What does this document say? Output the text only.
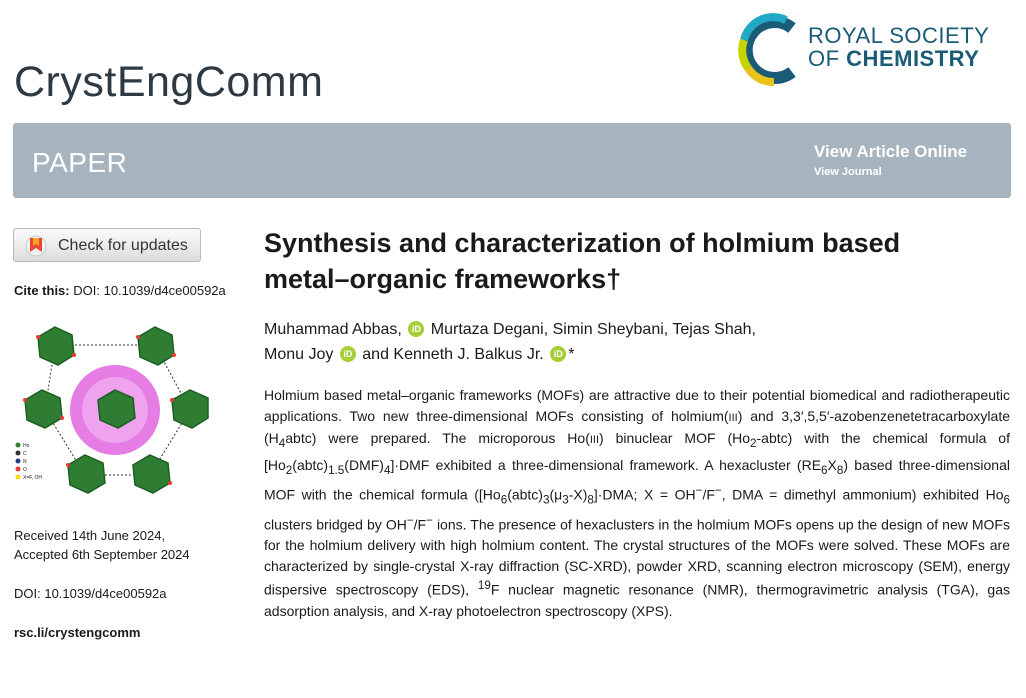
CrystEngComm
ROYAL SOCIETY
OF CHEMISTRY
PAPER	View Article Online
View Journal
Check for updates
Cite this: DOI: 10.1039/d4ce00592a
Ho
C
N
O
X=F, OH
Received 14th June 2024,
Accepted 6th September 2024
DOI: 10.1039/d4ce00592a
rsc.li/crystengcomm
Synthesis and characterization of holmium based
metal–organic frameworks†
Muhammad Abbas, iD Murtaza Degani, Simin Sheybani, Tejas Shah,
Monu Joy iD and Kenneth J. Balkus Jr. iD *

Holmium based metal–organic frameworks (MOFs) are attractive due to their potential biomedical and radiotherapeutic applications. Two new three-dimensional MOFs consisting of holmium(III) and 3,3′,5,5′-azobenzenetetracarboxylate $(H_4abtc)$ were prepared. The microporous Ho(III) binuclear MOF $(Ho_2-abtc)$ with the chemical formula of $[Ho_2(abtc)_{1.5}(DMF)_4]\cdot DMF$ exhibited a three-dimensional framework. A hexacluster $(RE_6X_8)$ based three-dimensional MOF with the chemical formula ($[Ho_6(abtc)_3(\mu_3-X)_8]\cdot DMA$; X = OH−/F−, DMA = dimethyl ammonium) exhibited $Ho_6$ clusters bridged by OH−/F− ions. The presence of hexaclusters in the holmium MOFs opens up the design of new MOFs for the holmium delivery with high holmium content. The crystal structures of the MOFs were solved. These MOFs are characterized by single-crystal X-ray diffraction (SC-XRD), powder XRD, scanning electron microscopy (SEM), energy dispersive spectroscopy (EDS), $^{19}$F nuclear magnetic resonance (NMR), thermogravimetric analysis (TGA), gas adsorption analysis, and X-ray photoelectron spectroscopy (XPS).
